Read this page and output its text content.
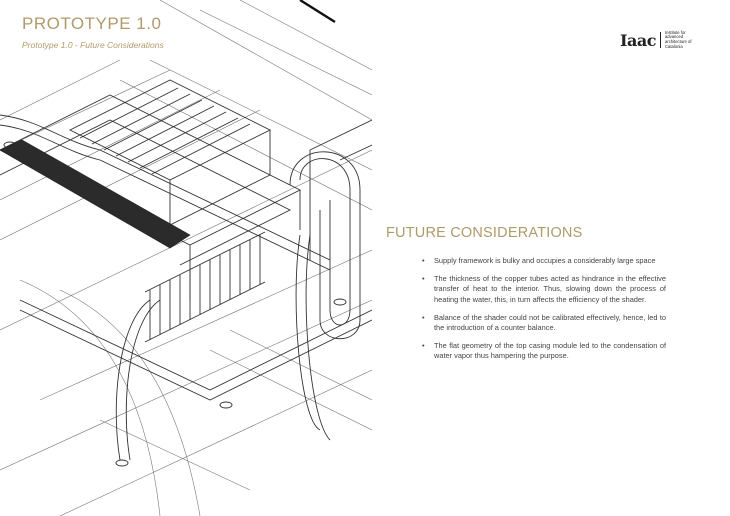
PROTOTYPE 1.0
Prototype 1.0 - Future Considerations	Iaac Institute for advanced architecture of Catalonia
FUTURE CONSIDERATIONS
• Supply framework is bulky and occupies a considerably large space
• The thickness of the copper tubes acted as hindrance in the effective transfer of heat to the interior. Thus, slowing down the process of heating the water, this, in turn affects the efficiency of the shader.
• Balance of the shader could not be calibrated effectively, hence, led to the introduction of a counter balance.
• The flat geometry of the top casing module led to the condensation of water vapor thus hampering the purpose.
